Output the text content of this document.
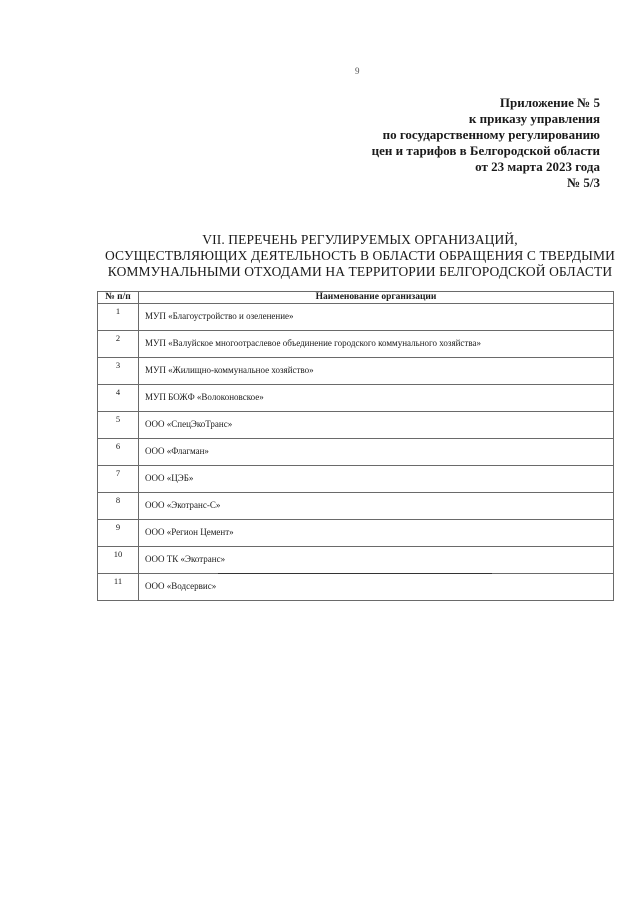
9
Приложение № 5
к приказу управления
по государственному регулированию
цен и тарифов в Белгородской области
от 23 марта 2023 года
№ 5/3
VII. ПЕРЕЧЕНЬ РЕГУЛИРУЕМЫХ ОРГАНИЗАЦИЙ,
ОСУЩЕСТВЛЯЮЩИХ ДЕЯТЕЛЬНОСТЬ В ОБЛАСТИ ОБРАЩЕНИЯ С ТВЕРДЫМИ
КОММУНАЛЬНЫМИ ОТХОДАМИ НА ТЕРРИТОРИИ БЕЛГОРОДСКОЙ ОБЛАСТИ
№ п/п	Наименование организации
1	МУП «Благоустройство и озеленение»
2	МУП «Валуйское многоотраслевое объединение городского коммунального хозяйства»
3	МУП «Жилищно-коммунальное хозяйство»
4	МУП БОЖФ «Волоконовское»
5	ООО «СпецЭкоТранс»
6	ООО «Флагман»
7	ООО «ЦЭБ»
8	ООО «Экотранс-С»
9	ООО «Регион Цемент»
10	ООО ТК «Экотранс»
11	ООО «Водсервис»
